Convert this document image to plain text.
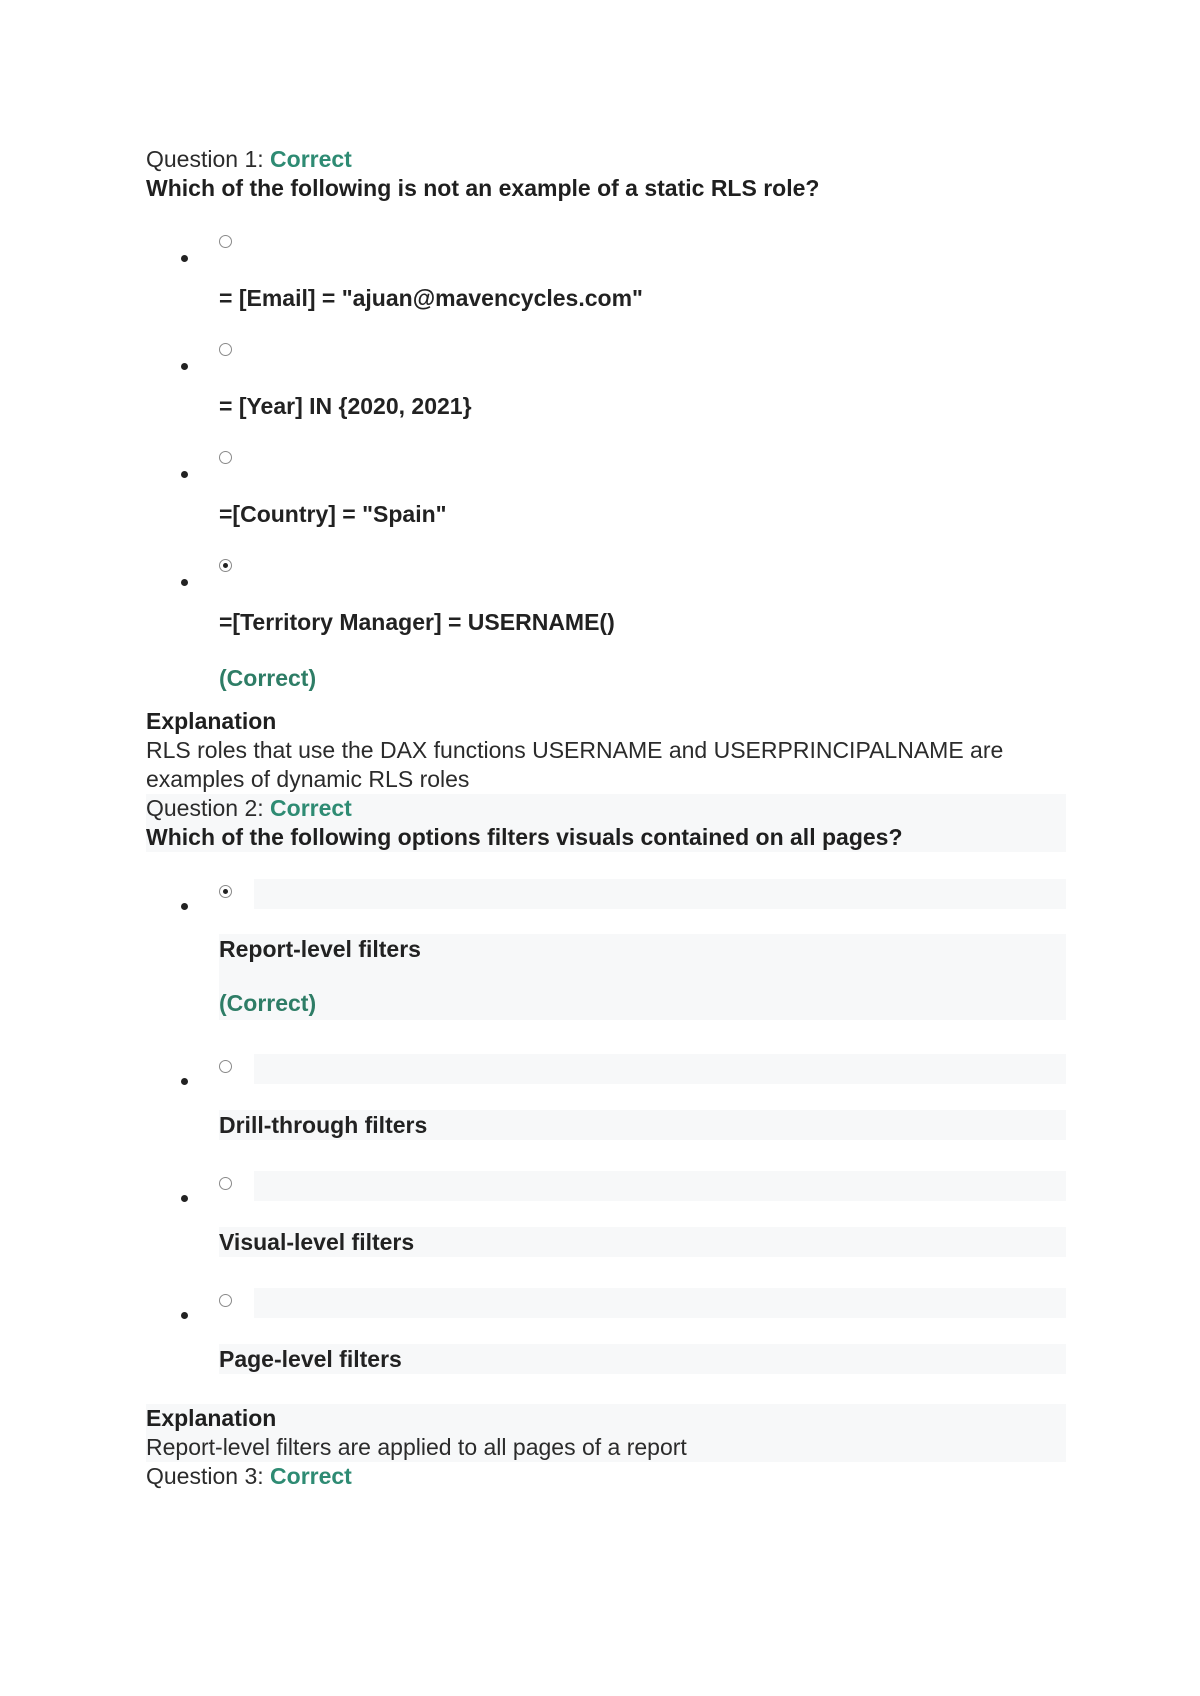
Question 1: Correct
Which of the following is not an example of a static RLS role?
= [Email] = "ajuan@mavencycles.com"
= [Year] IN {2020, 2021}
=[Country] = "Spain"
=[Territory Manager] = USERNAME()
(Correct)
Explanation
RLS roles that use the DAX functions USERNAME and USERPRINCIPALNAME are examples of dynamic RLS roles
Question 2: Correct
Which of the following options filters visuals contained on all pages?
Report-level filters
(Correct)
Drill-through filters
Visual-level filters
Page-level filters
Explanation
Report-level filters are applied to all pages of a report
Question 3: Correct
